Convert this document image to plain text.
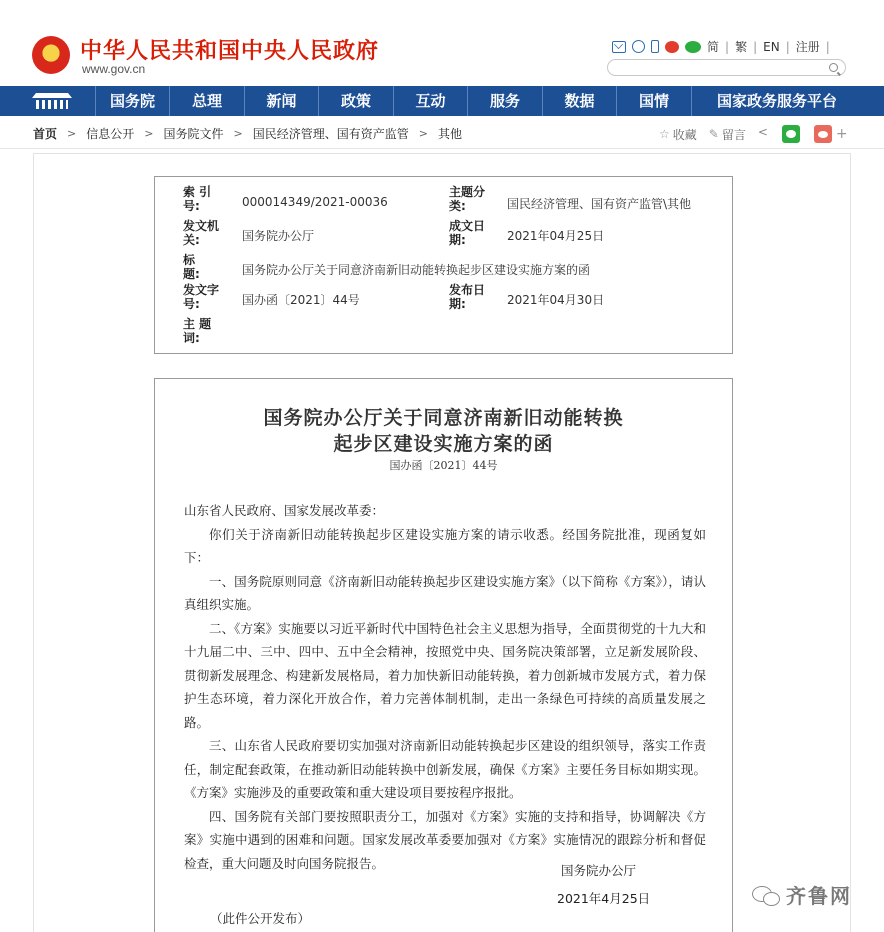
中华人民共和国中央人民政府
www.gov.cn
简 | 繁 | EN | 注册 |
国务院	总理	新闻	政策	互动	服务	数据	国情	国家政务服务平台
首页 > 信息公开 > 国务院文件 > 国民经济管理、国有资产监管 > 其他	☆ 收藏 ✎ 留言
<	+
索 引 号:	000014349/2021-00036
主题分类:	国民经济管理、国有资产监管\其他
发文机关:	国务院办公厅
成文日期:	2021年04月25日
标　　题:	国务院办公厅关于同意济南新旧动能转换起步区建设实施方案的函
发文字号:	国办函〔2021〕44号
发布日期:	2021年04月30日
主 题 词:
国务院办公厅关于同意济南新旧动能转换
起步区建设实施方案的函
国办函〔2021〕44号

山东省人民政府、国家发展改革委：

你们关于济南新旧动能转换起步区建设实施方案的请示收悉。经国务院批准，现函复如下：

一、国务院原则同意《济南新旧动能转换起步区建设实施方案》（以下简称《方案》），请认真组织实施。

二、《方案》实施要以习近平新时代中国特色社会主义思想为指导，全面贯彻党的十九大和十九届二中、三中、四中、五中全会精神，按照党中央、国务院决策部署，立足新发展阶段、贯彻新发展理念、构建新发展格局，着力加快新旧动能转换，着力创新城市发展方式，着力保护生态环境，着力深化开放合作，着力完善体制机制，走出一条绿色可持续的高质量发展之路。

三、山东省人民政府要切实加强对济南新旧动能转换起步区建设的组织领导，落实工作责任，制定配套政策，在推动新旧动能转换中创新发展，确保《方案》主要任务目标如期实现。《方案》实施涉及的重要政策和重大建设项目要按程序报批。

四、国务院有关部门要按照职责分工，加强对《方案》实施的支持和指导，协调解决《方案》实施中遇到的困难和问题。国家发展改革委要加强对《方案》实施情况的跟踪分析和督促检查，重大问题及时向国务院报告。	国务院办公厅
2021年4月25日
（此件公开发布）
齐鲁网
